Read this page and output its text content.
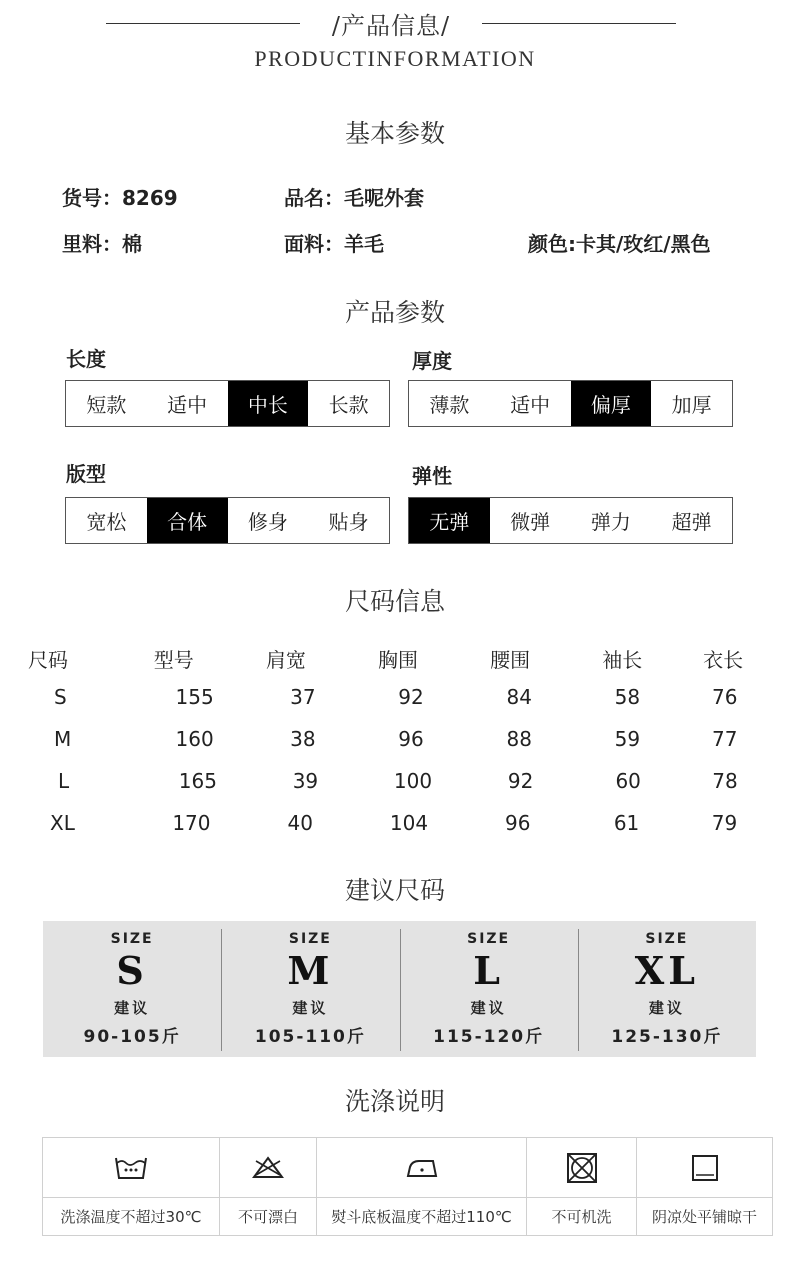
/产品信息/
PRODUCTINFORMATION
基本参数
货号：8269	品名：毛呢外套
里料：棉	面料：羊毛	颜色:卡其/玫红/黑色
产品参数
长度
短款	适中	中长	长款
厚度
薄款	适中	偏厚	加厚
版型
宽松	合体	修身	贴身
弹性
无弹	微弹	弹力	超弹
尺码信息
尺码	型号	肩宽	胸围	腰围	袖长	衣长
S	155	37	92	84	58	76
M	160	38	96	88	59	77
L	165	39	100	92	60	78
XL	170	40	104	96	61	79
建议尺码
SIZE
S
建议
90-105斤
SIZE
M
建议
105-110斤
SIZE
L
建议
115-120斤
SIZE
XL
建议
125-130斤
洗涤说明
洗涤温度不超过30℃	不可漂白	熨斗底板温度不超过110℃	不可机洗	阴凉处平铺晾干
